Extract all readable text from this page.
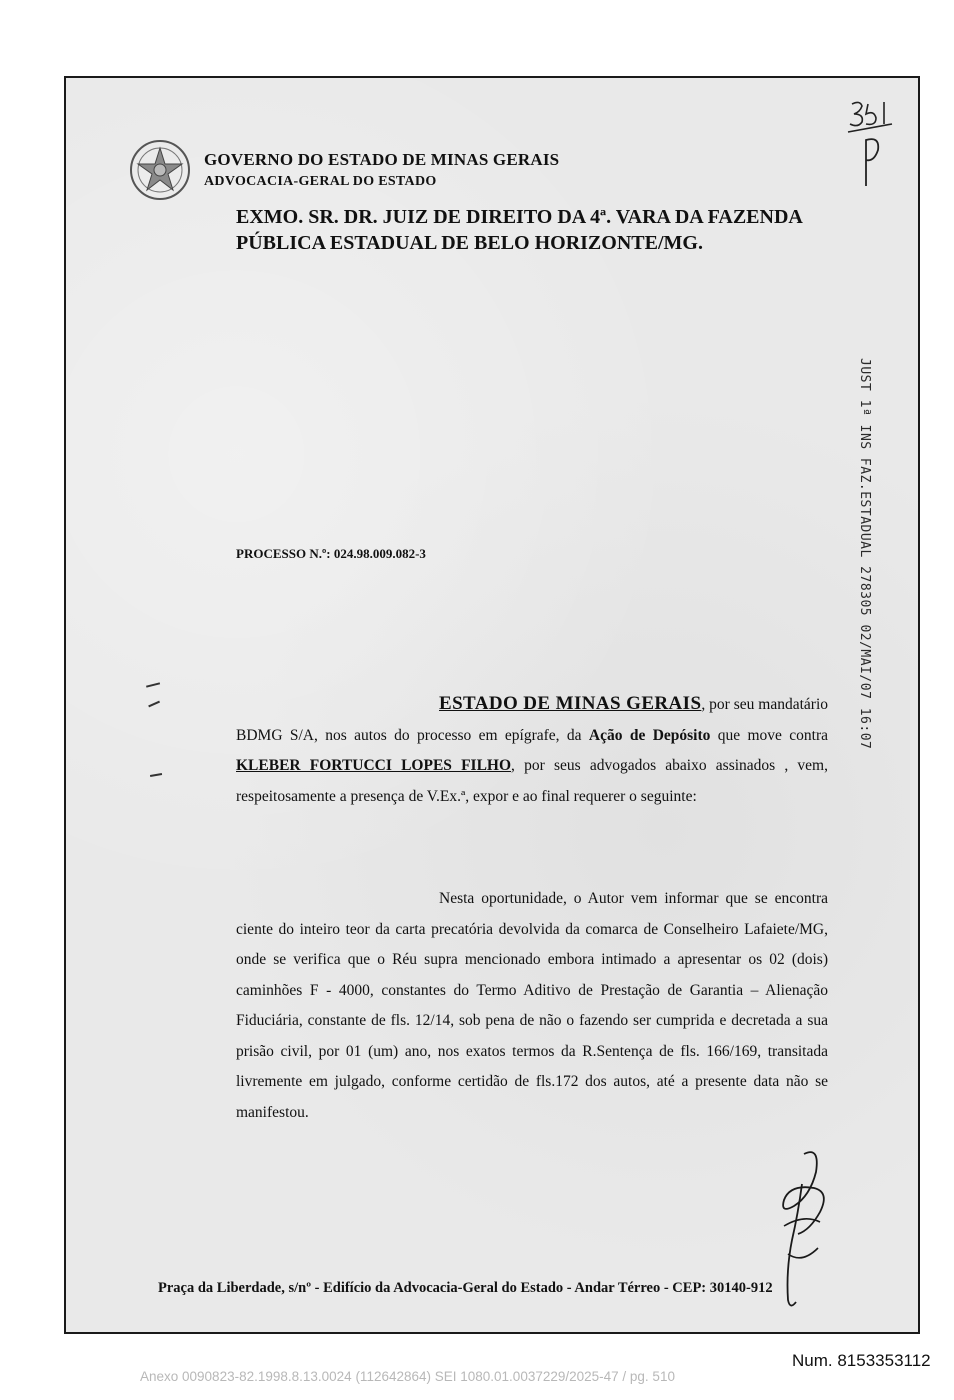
GOVERNO DO ESTADO DE MINAS GERAIS
ADVOCACIA-GERAL DO ESTADO
EXMO. SR. DR. JUIZ DE DIREITO DA 4ª. VARA DA FAZENDA
PÚBLICA ESTADUAL DE BELO HORIZONTE/MG.
JUST 1ª INS FAZ.ESTADUAL 278305 02/MAI/07 16:07
PROCESSO N.º: 024.98.009.082-3
ESTADO DE MINAS GERAIS, por seu mandatário BDMG S/A, nos autos do processo em epígrafe, da Ação de Depósito que move contra KLEBER FORTUCCI LOPES FILHO, por seus advogados abaixo assinados , vem, respeitosamente a presença de V.Ex.ª, expor e ao final requerer o seguinte:
Nesta oportunidade, o Autor vem informar que se encontra ciente do inteiro teor da carta precatória devolvida da comarca de Conselheiro Lafaiete/MG, onde se verifica que o Réu supra mencionado embora intimado a apresentar os 02 (dois) caminhões F - 4000, constantes do Termo Aditivo de Prestação de Garantia – Alienação Fiduciária, constante de fls. 12/14, sob pena de não o fazendo ser cumprida e decretada a sua prisão civil, por 01 (um) ano, nos exatos termos da R.Sentença de fls. 166/169, transitada livremente em julgado, conforme certidão de fls.172 dos autos, até a presente data não se manifestou.
Praça da Liberdade, s/nº - Edifício da Advocacia-Geral do Estado - Andar Térreo - CEP: 30140-912
Num. 8153353112
Anexo 0090823-82.1998.8.13.0024 (112642864) SEI 1080.01.0037229/2025-47 / pg. 510
